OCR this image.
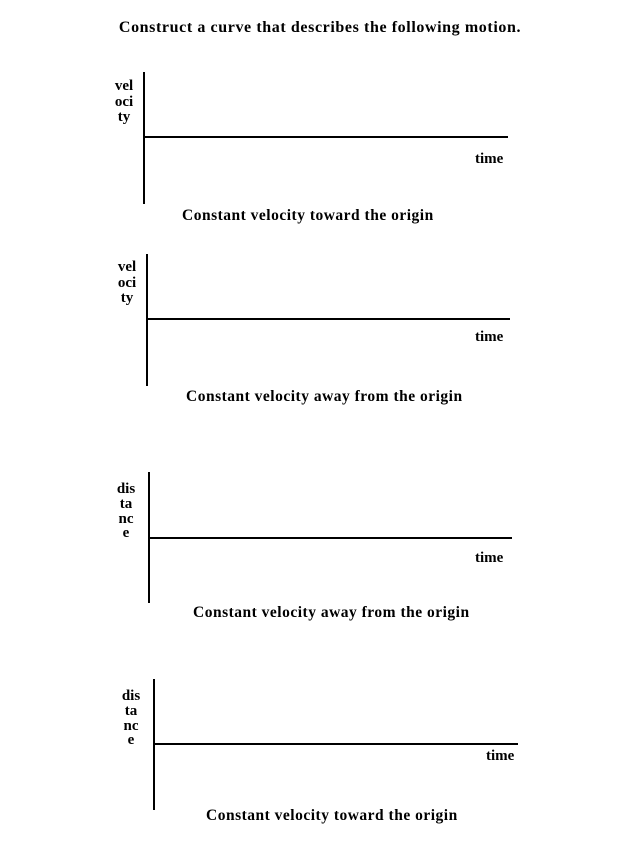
Construct a curve that describes the following motion.
velocity
time
Constant velocity toward the origin
velocity
time
Constant velocity away from the origin
distance
time
Constant velocity away from the origin
distance
time
Constant velocity toward the origin
